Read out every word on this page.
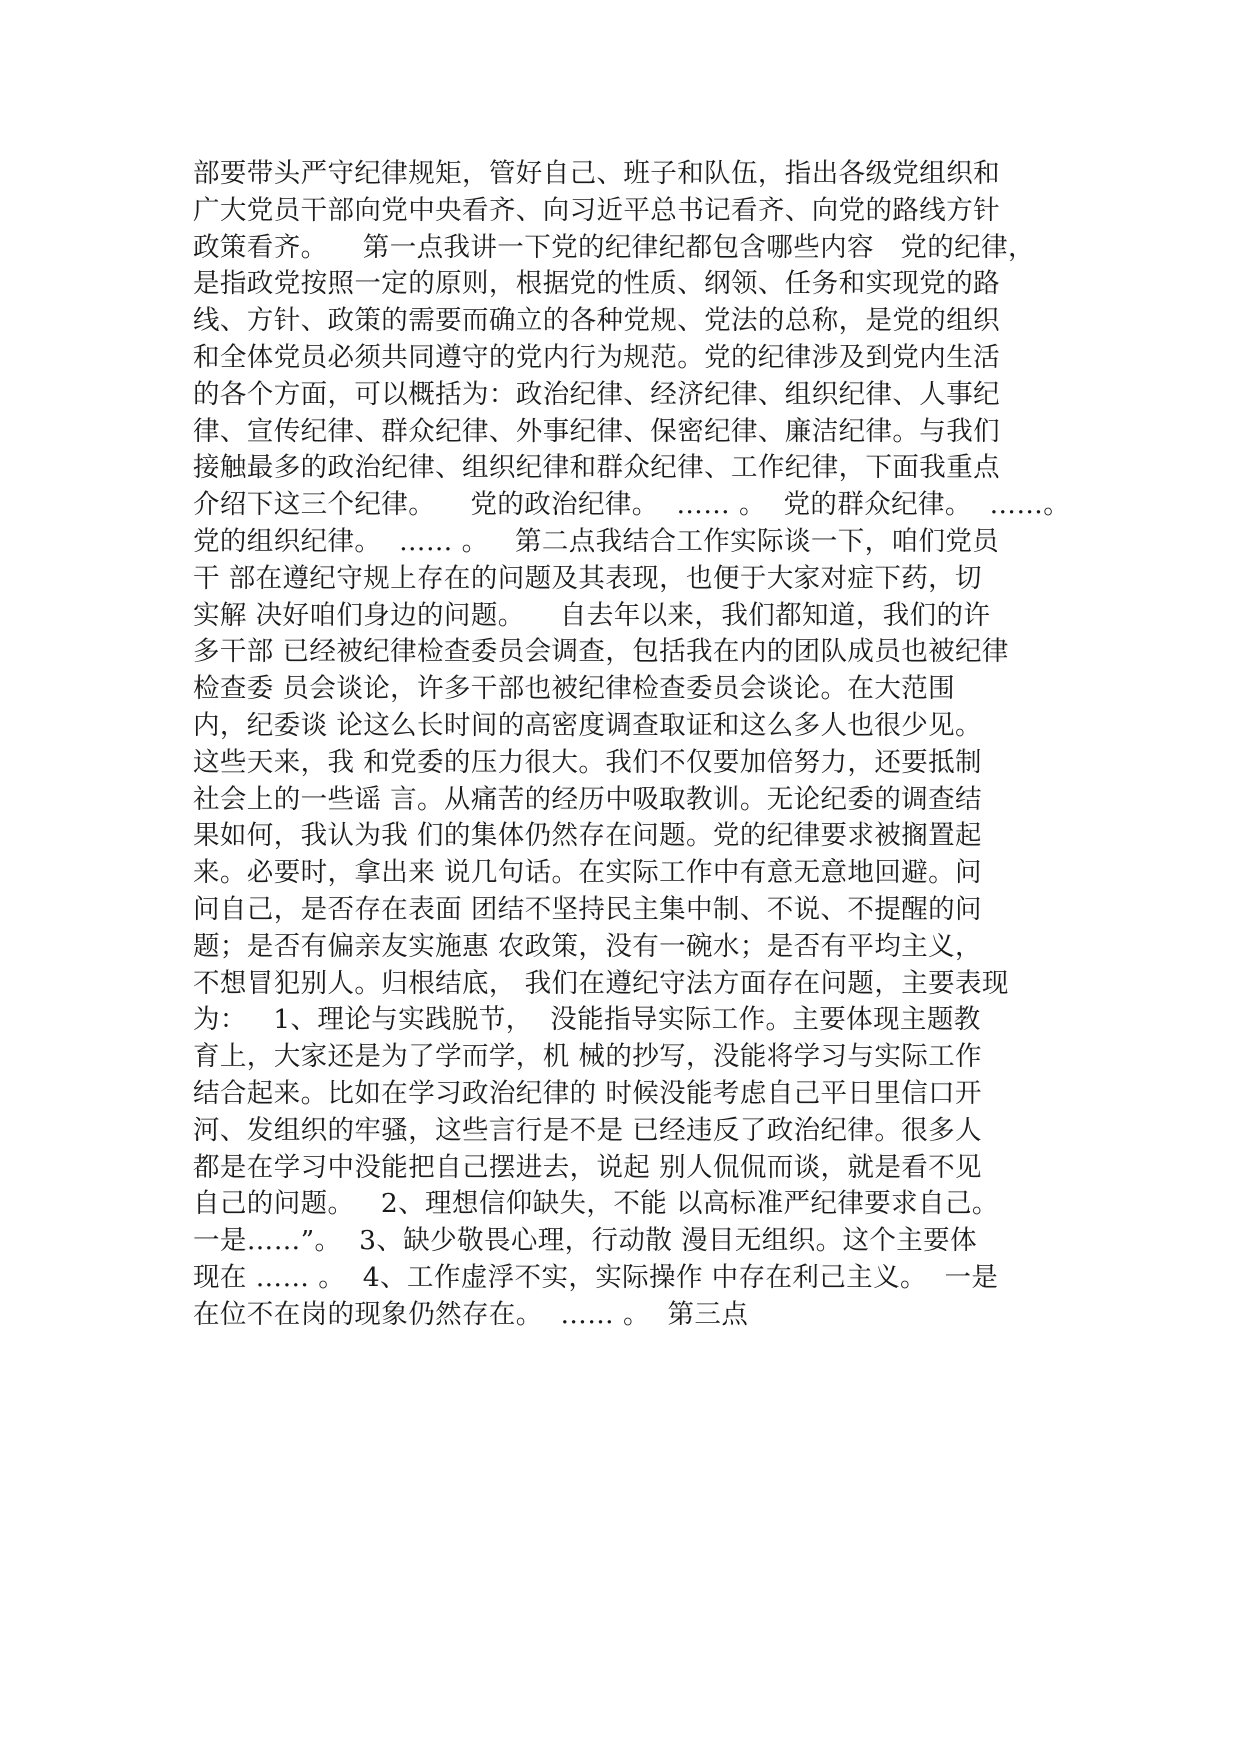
部要带头严守纪律规矩，管好自己、班子和队伍，指出各级党组织和
广大党员干部向党中央看齐、向习近平总书记看齐、向党的路线方针
政策看齐。    第一点我讲一下党的纪律纪都包含哪些内容   党的纪律，
是指政党按照一定的原则，根据党的性质、纲领、任务和实现党的路
线、方针、政策的需要而确立的各种党规、党法的总称，是党的组织
和全体党员必须共同遵守的党内行为规范。党的纪律涉及到党内生活
的各个方面，可以概括为：政治纪律、经济纪律、组织纪律、人事纪
律、宣传纪律、群众纪律、外事纪律、保密纪律、廉洁纪律。与我们
接触最多的政治纪律、组织纪律和群众纪律、工作纪律，下面我重点
介绍下这三个纪律。    党的政治纪律。  …… 。  党的群众纪律。  ……。
党的组织纪律。  …… 。   第二点我结合工作实际谈一下，咱们党员
干 部在遵纪守规上存在的问题及其表现，也便于大家对症下药，切
实解 决好咱们身边的问题。    自去年以来，我们都知道，我们的许
多干部 已经被纪律检查委员会调查，包括我在内的团队成员也被纪律
检查委 员会谈论，许多干部也被纪律检查委员会谈论。在大范围
内，纪委谈 论这么长时间的高密度调查取证和这么多人也很少见。
这些天来，我 和党委的压力很大。我们不仅要加倍努力，还要抵制
社会上的一些谣 言。从痛苦的经历中吸取教训。无论纪委的调查结
果如何，我认为我 们的集体仍然存在问题。党的纪律要求被搁置起
来。必要时，拿出来 说几句话。在实际工作中有意无意地回避。问
问自己，是否存在表面 团结不坚持民主集中制、不说、不提醒的问
题；是否有偏亲友实施惠 农政策，没有一碗水；是否有平均主义，
不想冒犯别人。归根结底， 我们在遵纪守法方面存在问题，主要表现
为：   1、理论与实践脱节，  没能指导实际工作。主要体现主题教
育上，大家还是为了学而学，机 械的抄写，没能将学习与实际工作
结合起来。比如在学习政治纪律的 时候没能考虑自己平日里信口开
河、发组织的牢骚，这些言行是不是 已经违反了政治纪律。很多人
都是在学习中没能把自己摆进去，说起 别人侃侃而谈，就是看不见
自己的问题。   2、理想信仰缺失，不能 以高标准严纪律要求自己。
一是……”。  3、缺少敬畏心理，行动散 漫目无组织。这个主要体
现在 …… 。  4、工作虚浮不实，实际操作 中存在利己主义。  一是
在位不在岗的现象仍然存在。  …… 。  第三点
